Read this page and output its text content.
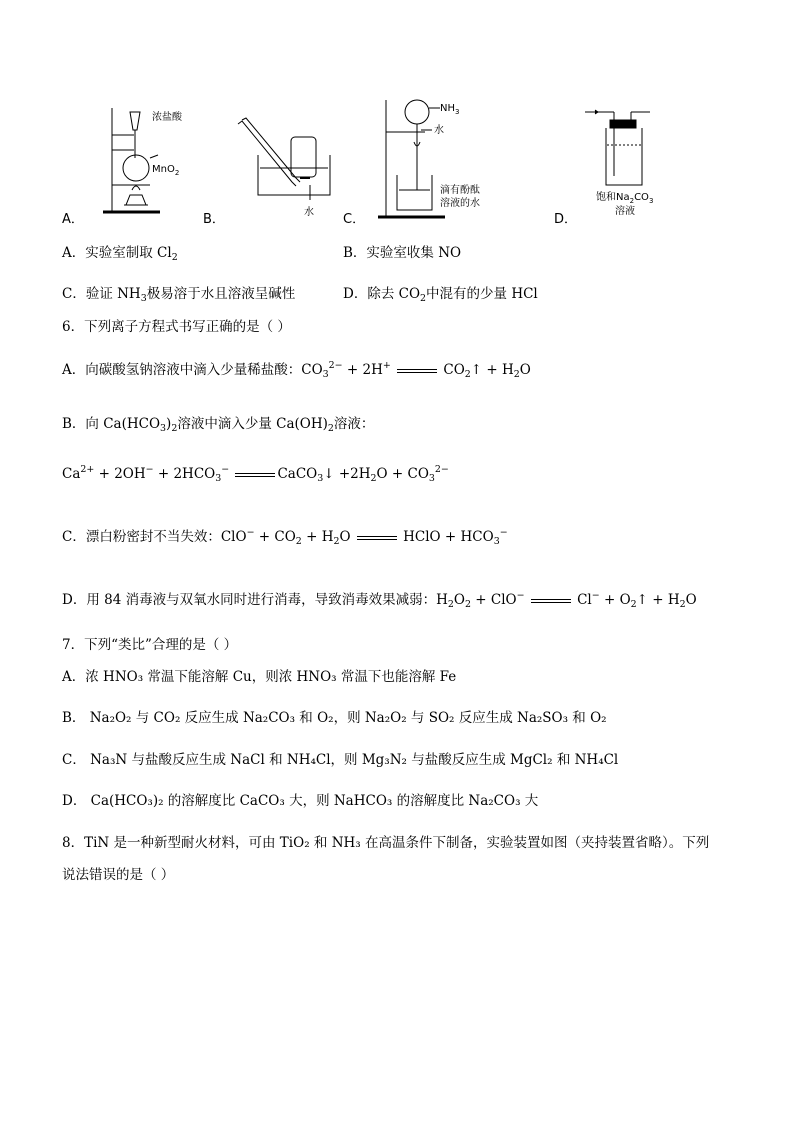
浓盐酸
MnO$_2$
水
$NH_3$
水
滴有酚酞
溶液的水
饱和$Na_2CO_3$
溶液
A．	B．	C．	D．
A．实验室制取 $Cl_2$	B．实验室收集 NO
C．验证 $NH_3$极易溶于水且溶液呈碱性	D．除去 $CO_2$中混有的少量 HCl
6．下列离子方程式书写正确的是（ ）
A．向碳酸氢钠溶液中滴入少量稀盐酸：$CO_3^{2-} + 2H^+$	$CO_2↑ + H_2O$
B．向 $Ca(HCO_3)_2$溶液中滴入少量 $Ca(OH)_2$溶液：
$Ca^{2+} + 2OH^- + 2HCO_3^-$	CaCO$_3$↓ $+2H_2O + CO_3^{2-}$
C．漂白粉密封不当失效：$ClO^- + CO_2 + H_2O$	HClO + $HCO_3^-$
D．用 84 消毒液与双氧水同时进行消毒，导致消毒效果减弱：$H_2O_2 + ClO^-$	$Cl^- + O_2↑ + H_2O$
7．下列“类比”合理的是（ ）
A．浓 HNO₃ 常温下能溶解 Cu，则浓 HNO₃ 常温下也能溶解 Fe
B． Na₂O₂ 与 CO₂ 反应生成 Na₂CO₃ 和 O₂，则 Na₂O₂ 与 SO₂ 反应生成 Na₂SO₃ 和 O₂
C． Na₃N 与盐酸反应生成 NaCl 和 NH₄Cl，则 Mg₃N₂ 与盐酸反应生成 MgCl₂ 和 NH₄Cl
D． Ca(HCO₃)₂ 的溶解度比 CaCO₃ 大，则 NaHCO₃ 的溶解度比 Na₂CO₃ 大
8．TiN 是一种新型耐火材料，可由 TiO₂ 和 NH₃ 在高温条件下制备，实验装置如图（夹持装置省略）。下列
说法错误的是（ ）
